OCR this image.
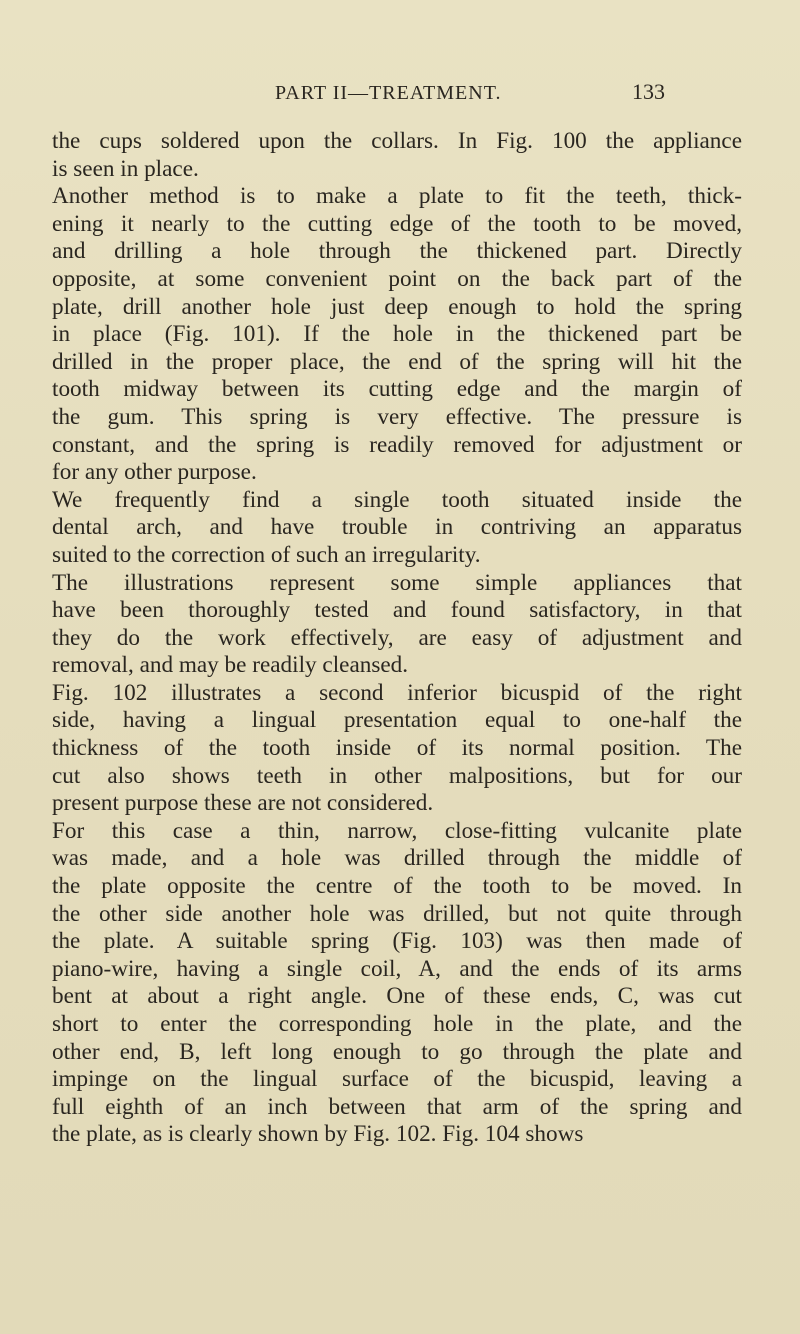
PART II—TREATMENT.	133

the cups soldered upon the collars. In Fig. 100 the appliance
is seen in place.

Another method is to make a plate to fit the teeth, thick-
ening it nearly to the cutting edge of the tooth to be moved,
and drilling a hole through the thickened part. Directly
opposite, at some convenient point on the back part of the
plate, drill another hole just deep enough to hold the spring
in place (Fig. 101). If the hole in the thickened part be
drilled in the proper place, the end of the spring will hit the
tooth midway between its cutting edge and the margin of
the gum. This spring is very effective. The pressure is
constant, and the spring is readily removed for adjustment or
for any other purpose.

We frequently find a single tooth situated inside the
dental arch, and have trouble in contriving an apparatus
suited to the correction of such an irregularity.

The illustrations represent some simple appliances that
have been thoroughly tested and found satisfactory, in that
they do the work effectively, are easy of adjustment and
removal, and may be readily cleansed.

Fig. 102 illustrates a second inferior bicuspid of the right
side, having a lingual presentation equal to one-half the
thickness of the tooth inside of its normal position. The
cut also shows teeth in other malpositions, but for our
present purpose these are not considered.

For this case a thin, narrow, close-fitting vulcanite plate
was made, and a hole was drilled through the middle of
the plate opposite the centre of the tooth to be moved. In
the other side another hole was drilled, but not quite through
the plate. A suitable spring (Fig. 103) was then made of
piano-wire, having a single coil, A, and the ends of its arms
bent at about a right angle. One of these ends, C, was cut
short to enter the corresponding hole in the plate, and the
other end, B, left long enough to go through the plate and
impinge on the lingual surface of the bicuspid, leaving a
full eighth of an inch between that arm of the spring and
the plate, as is clearly shown by Fig. 102. Fig. 104 shows
